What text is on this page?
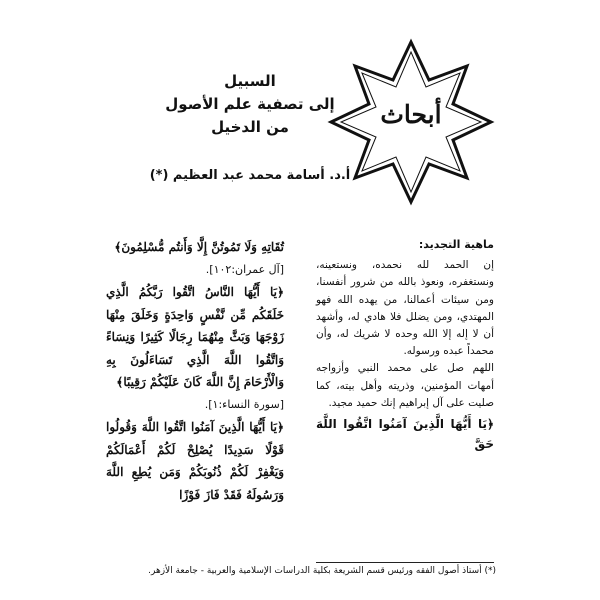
أبحاث
السبيل
إلى تصفية علم الأصول
من الدخيل
أ.د. أسامة محمد عبد العظيم (*)

ماهية التجديد:

إن الحمد لله نحمده، ونستعينه، ونستغفره، ونعوذ بالله من شرور أنفسنا، ومن سيئات أعمالنا، من يهده الله فهو المهتدي، ومن يضلل فلا هادي له، وأشهد أن لا إله إلا الله وحده لا شريك له، وأن محمداً عبده ورسوله.

اللهم صل على محمد النبي وأزواجه أمهات المؤمنين، وذريته وأهل بيته، كما صليت على آل إبراهيم إنك حميد مجيد.

﴿يَا أَيُّهَا الَّذِينَ آمَنُوا اتَّقُوا اللَّهَ حَقَّ

تُقَاتِهِ وَلَا تَمُوتُنَّ إِلَّا وَأَنتُم مُّسْلِمُونَ﴾
[آل عمران:١٠٢].
﴿يَا أَيُّهَا النَّاسُ اتَّقُوا رَبَّكُمُ الَّذِي خَلَقَكُم مِّن نَّفْسٍ وَاحِدَةٍ وَخَلَقَ مِنْهَا زَوْجَهَا وَبَثَّ مِنْهُمَا رِجَالًا كَثِيرًا وَنِسَاءً وَاتَّقُوا اللَّهَ الَّذِي تَسَاءَلُونَ بِهِ وَالْأَرْحَامَ إِنَّ اللَّهَ كَانَ عَلَيْكُمْ رَقِيبًا﴾
[سورة النساء:١].
﴿يَا أَيُّهَا الَّذِينَ آمَنُوا اتَّقُوا اللَّهَ وَقُولُوا قَوْلًا سَدِيدًا يُصْلِحْ لَكُمْ أَعْمَالَكُمْ وَيَغْفِرْ لَكُمْ ذُنُوبَكُمْ وَمَن يُطِعِ اللَّهَ وَرَسُولَهُ فَقَدْ فَازَ فَوْزًا
(*) أستاذ أصول الفقه ورئيس قسم الشريعة بكلية الدراسات الإسلامية والعربية - جامعة الأزهر.
